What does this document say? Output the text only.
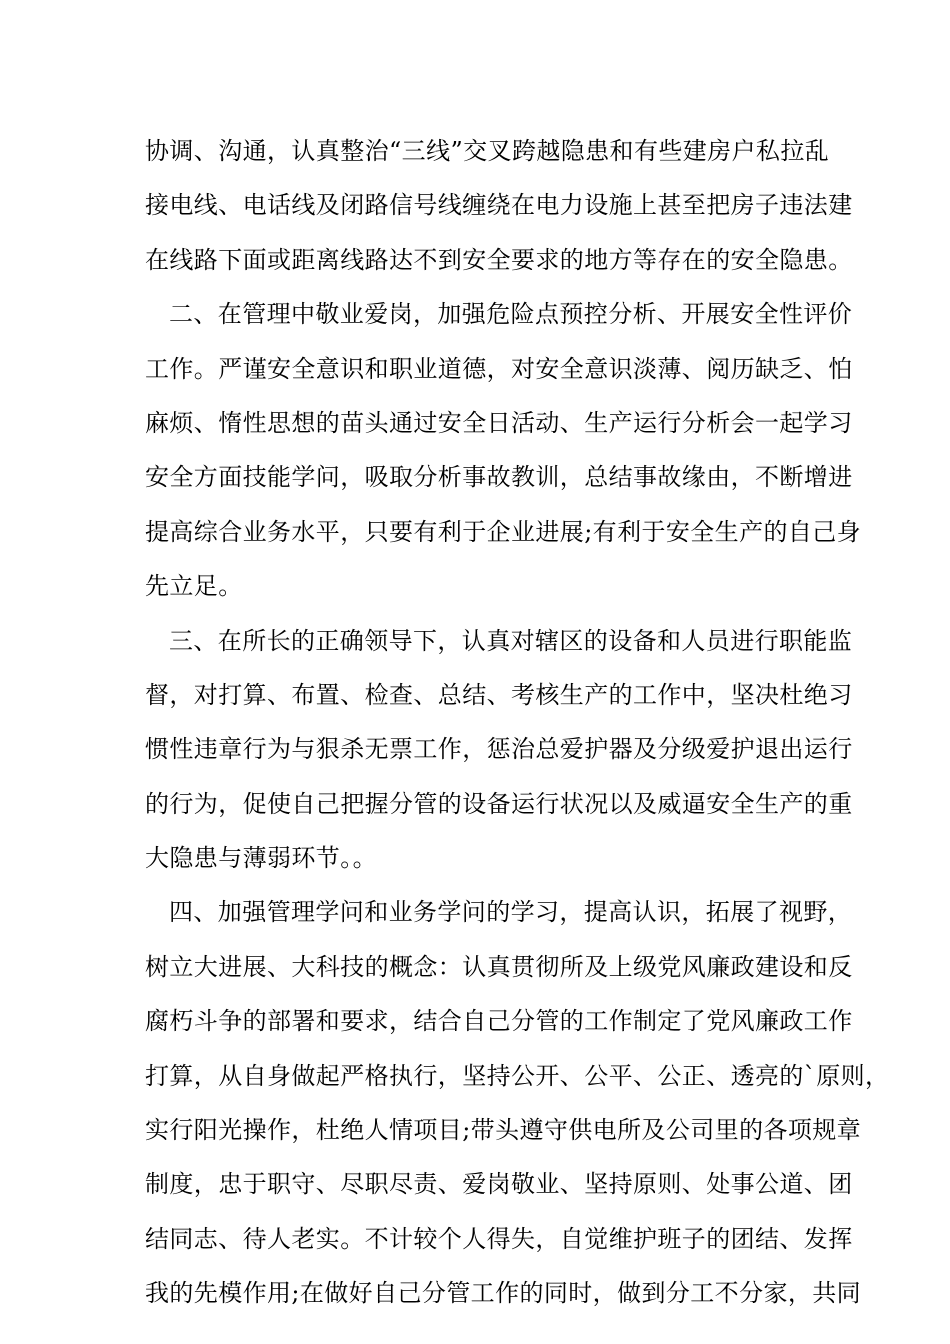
协调、沟通，认真整治“三线”交叉跨越隐患和有些建房户私拉乱
接电线、电话线及闭路信号线缠绕在电力设施上甚至把房子违法建
在线路下面或距离线路达不到安全要求的地方等存在的安全隐患。
二、在管理中敬业爱岗，加强危险点预控分析、开展安全性评价
工作。严谨安全意识和职业道德，对安全意识淡薄、阅历缺乏、怕
麻烦、惰性思想的苗头通过安全日活动、生产运行分析会一起学习
安全方面技能学问，吸取分析事故教训，总结事故缘由，不断增进
提高综合业务水平，只要有利于企业进展;有利于安全生产的自己身
先立足。
三、在所长的正确领导下，认真对辖区的设备和人员进行职能监
督，对打算、布置、检查、总结、考核生产的工作中，坚决杜绝习
惯性违章行为与狠杀无票工作，惩治总爱护器及分级爱护退出运行
的行为，促使自己把握分管的设备运行状况以及威逼安全生产的重
大隐患与薄弱环节。。
四、加强管理学问和业务学问的学习，提高认识，拓展了视野，
树立大进展、大科技的概念：认真贯彻所及上级党风廉政建设和反
腐朽斗争的部署和要求，结合自己分管的工作制定了党风廉政工作
打算，从自身做起严格执行，坚持公开、公平、公正、透亮的`原则，
实行阳光操作，杜绝人情项目;带头遵守供电所及公司里的各项规章
制度，忠于职守、尽职尽责、爱岗敬业、坚持原则、处事公道、团
结同志、待人老实。不计较个人得失，自觉维护班子的团结、发挥
我的先模作用;在做好自己分管工作的同时，做到分工不分家，共同
